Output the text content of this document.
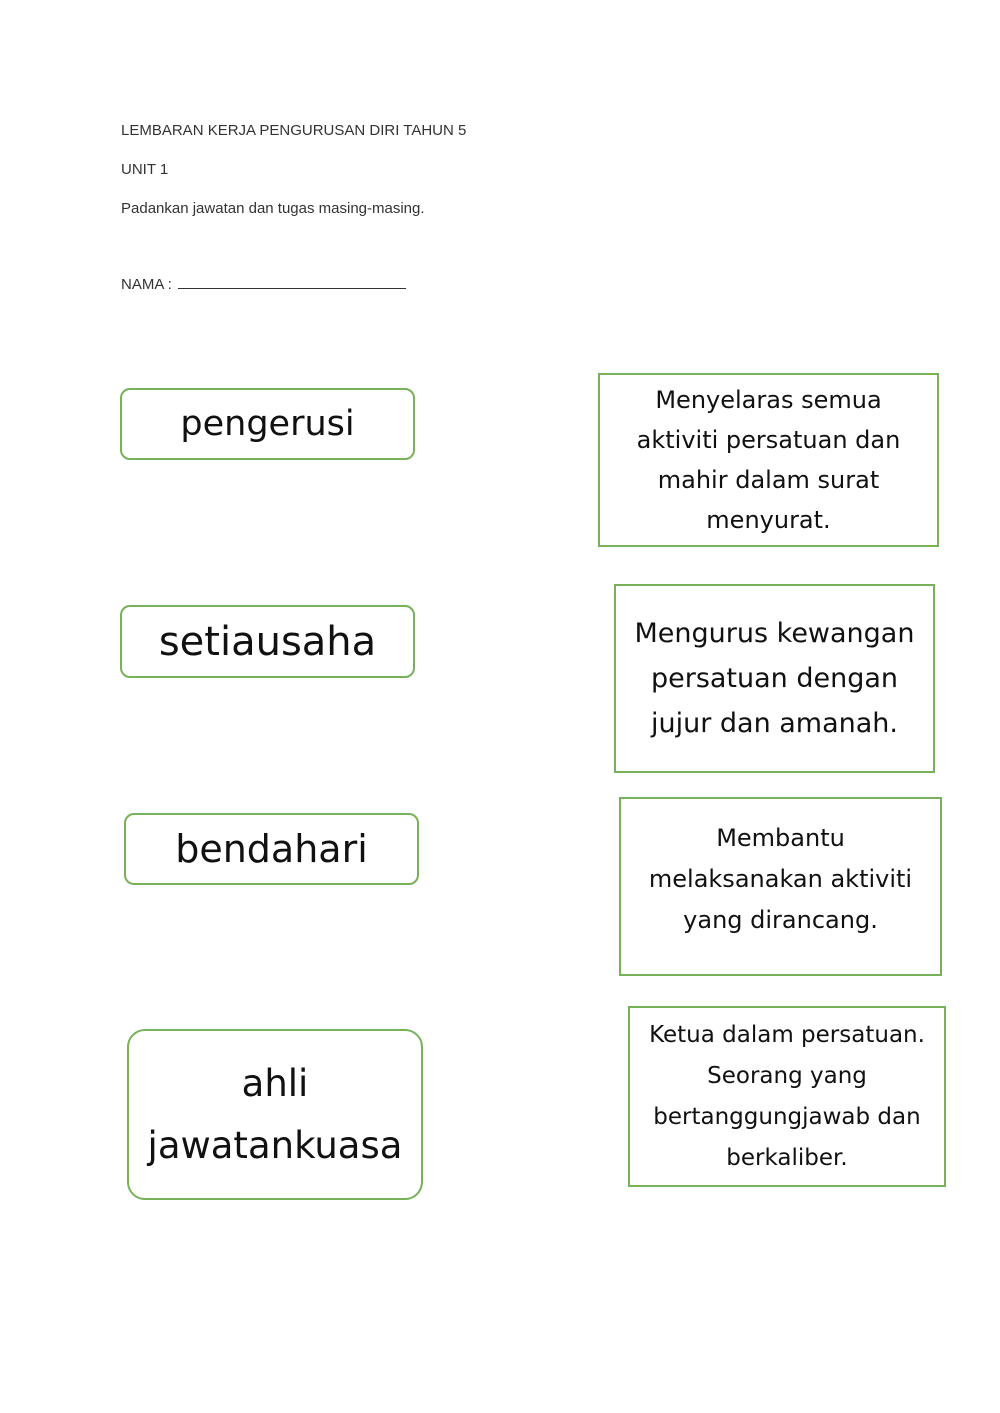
LEMBARAN KERJA PENGURUSAN DIRI TAHUN 5
UNIT 1
Padankan jawatan dan tugas masing-masing.
NAMA :
pengerusi
setiausaha
bendahari
ahli
jawatankuasa
Menyelaras semua
aktiviti persatuan dan
mahir dalam surat
menyurat.
Mengurus kewangan
persatuan dengan
jujur dan amanah.
Membantu
melaksanakan aktiviti
yang dirancang.
Ketua dalam persatuan.
Seorang yang
bertanggungjawab dan
berkaliber.
